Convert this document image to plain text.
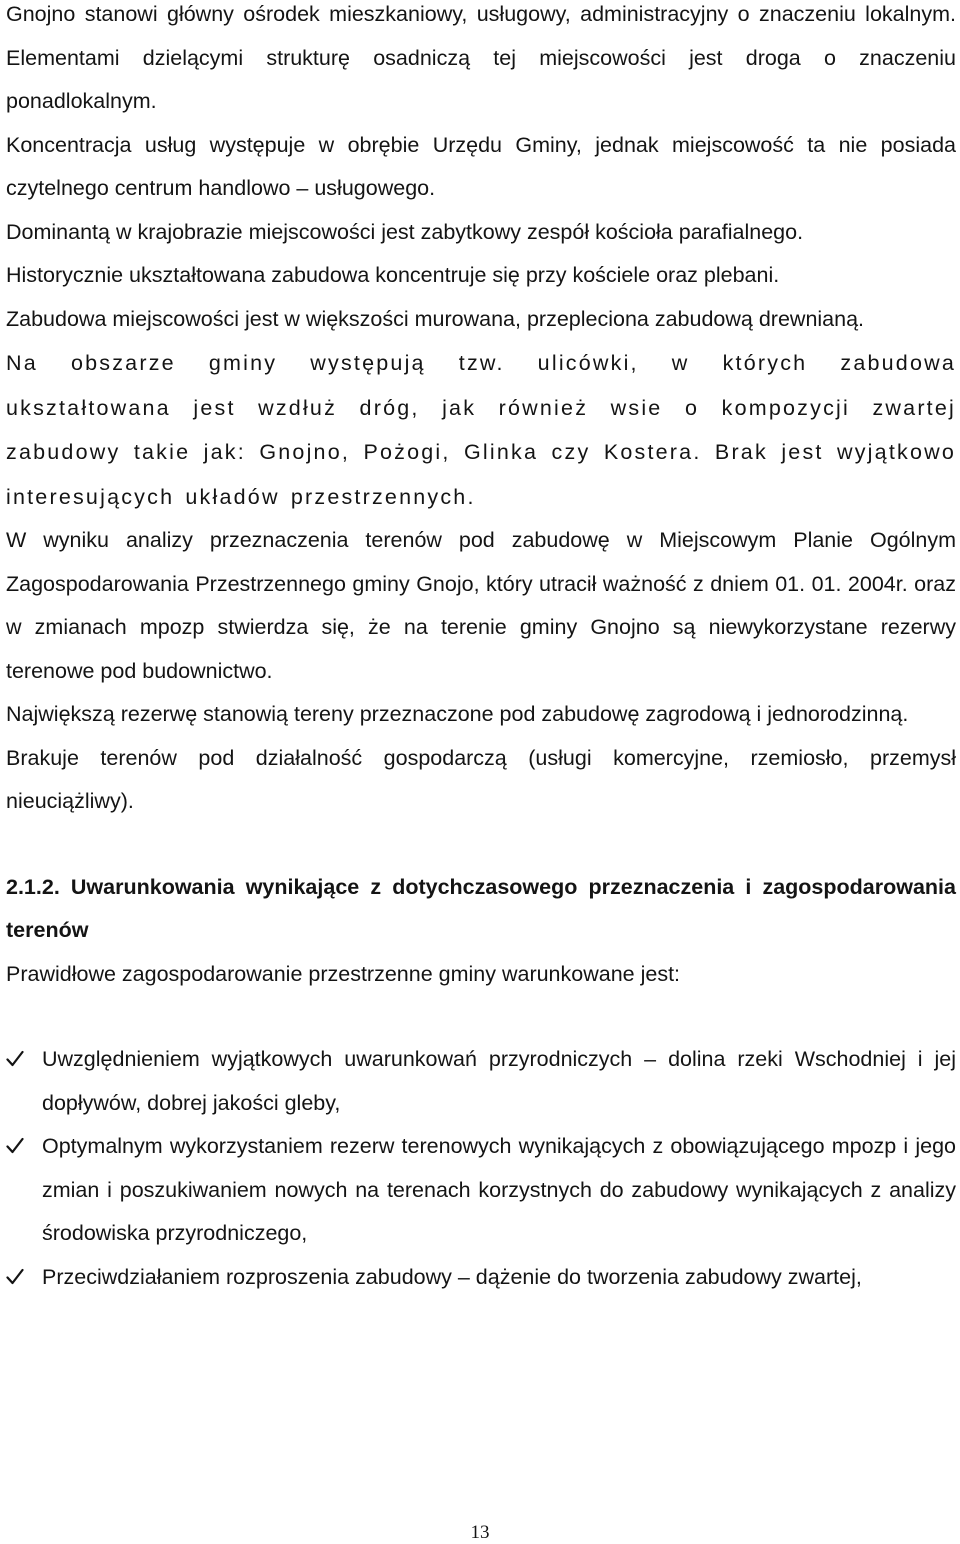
Gnojno stanowi główny ośrodek mieszkaniowy, usługowy, administracyjny o znaczeniu lokalnym. Elementami dzielącymi strukturę osadniczą tej miejscowości jest droga o znaczeniu ponadlokalnym.

Koncentracja usług występuje w obrębie Urzędu Gminy, jednak miejscowość ta nie posiada czytelnego centrum handlowo – usługowego.

Dominantą w krajobrazie miejscowości jest zabytkowy zespół kościoła parafialnego.

Historycznie ukształtowana zabudowa koncentruje się przy kościele oraz plebani.

Zabudowa miejscowości jest w większości murowana, przepleciona zabudową drewnianą.

Na obszarze gminy występują tzw. ulicówki, w których zabudowa ukształtowana jest wzdłuż dróg, jak również wsie o kompozycji zwartej zabudowy takie jak: Gnojno, Pożogi, Glinka czy Kostera. Brak jest wyjątkowo interesujących układów przestrzennych.

W wyniku analizy przeznaczenia terenów pod zabudowę w Miejscowym Planie Ogólnym Zagospodarowania Przestrzennego gminy Gnojo, który utracił ważność z dniem 01. 01. 2004r. oraz w zmianach mpozp stwierdza się, że na terenie gminy Gnojno są niewykorzystane rezerwy terenowe pod budownictwo.

Największą rezerwę stanowią tereny przeznaczone pod zabudowę zagrodową i jednorodzinną.

Brakuje terenów pod działalność gospodarczą (usługi komercyjne, rzemiosło, przemysł nieuciążliwy).

2.1.2. Uwarunkowania wynikające z dotychczasowego przeznaczenia i zagospodarowania terenów

Prawidłowe zagospodarowanie przestrzenne gminy warunkowane jest:

Uwzględnieniem wyjątkowych uwarunkowań przyrodniczych – dolina rzeki Wschodniej i jej dopływów, dobrej jakości gleby,
Optymalnym wykorzystaniem rezerw terenowych wynikających z obowiązującego mpozp i jego zmian i poszukiwaniem nowych na terenach korzystnych do zabudowy wynikających z analizy środowiska przyrodniczego,
Przeciwdziałaniem rozproszenia zabudowy – dążenie do tworzenia zabudowy zwartej,
13
